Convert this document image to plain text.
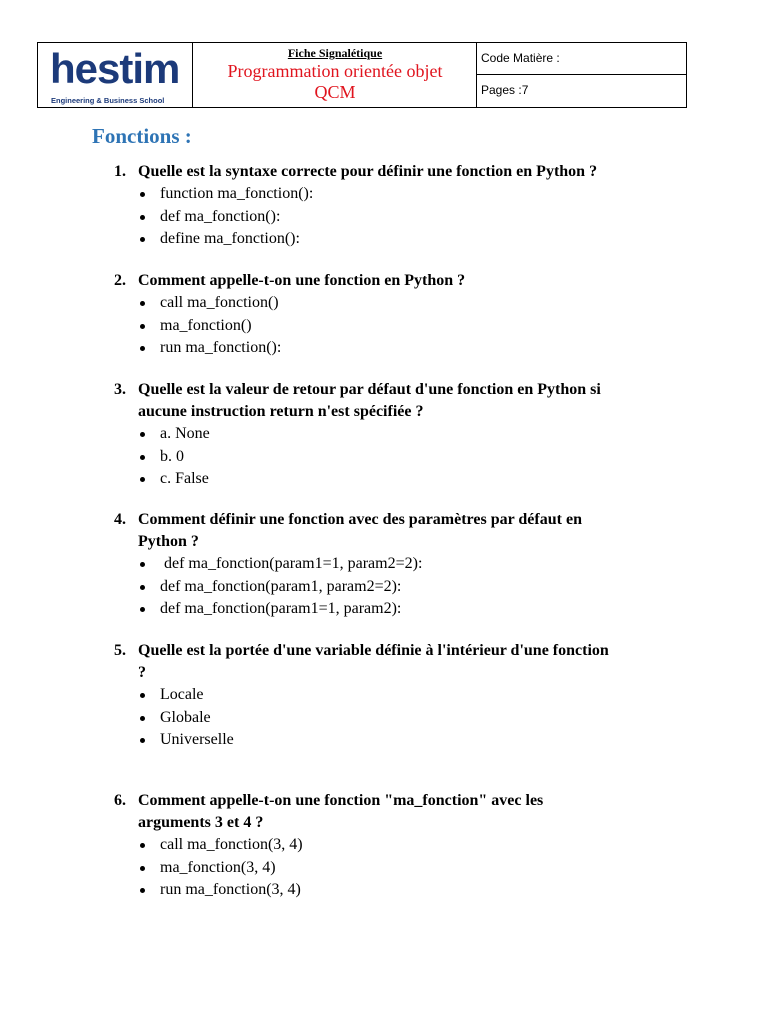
hestim
Engineering & Business School
Fiche Signalétique
Programmation orientée objet
QCM
Code Matière :
Pages :7
Fonctions :
1. Quelle est la syntaxe correcte pour définir une fonction en Python ?
function ma_fonction():
def ma_fonction():
define ma_fonction():
2. Comment appelle-t-on une fonction en Python ?
call ma_fonction()
ma_fonction()
run ma_fonction():
3. Quelle est la valeur de retour par défaut d'une fonction en Python si
aucune instruction return n'est spécifiée ?
a. None
b. 0
c. False
4. Comment définir une fonction avec des paramètres par défaut en
Python ?
def ma_fonction(param1=1, param2=2):
def ma_fonction(param1, param2=2):
def ma_fonction(param1=1, param2):
5. Quelle est la portée d'une variable définie à l'intérieur d'une fonction
?
Locale
Globale
Universelle
6. Comment appelle-t-on une fonction "ma_fonction" avec les
arguments 3 et 4 ?
call ma_fonction(3, 4)
ma_fonction(3, 4)
run ma_fonction(3, 4)
